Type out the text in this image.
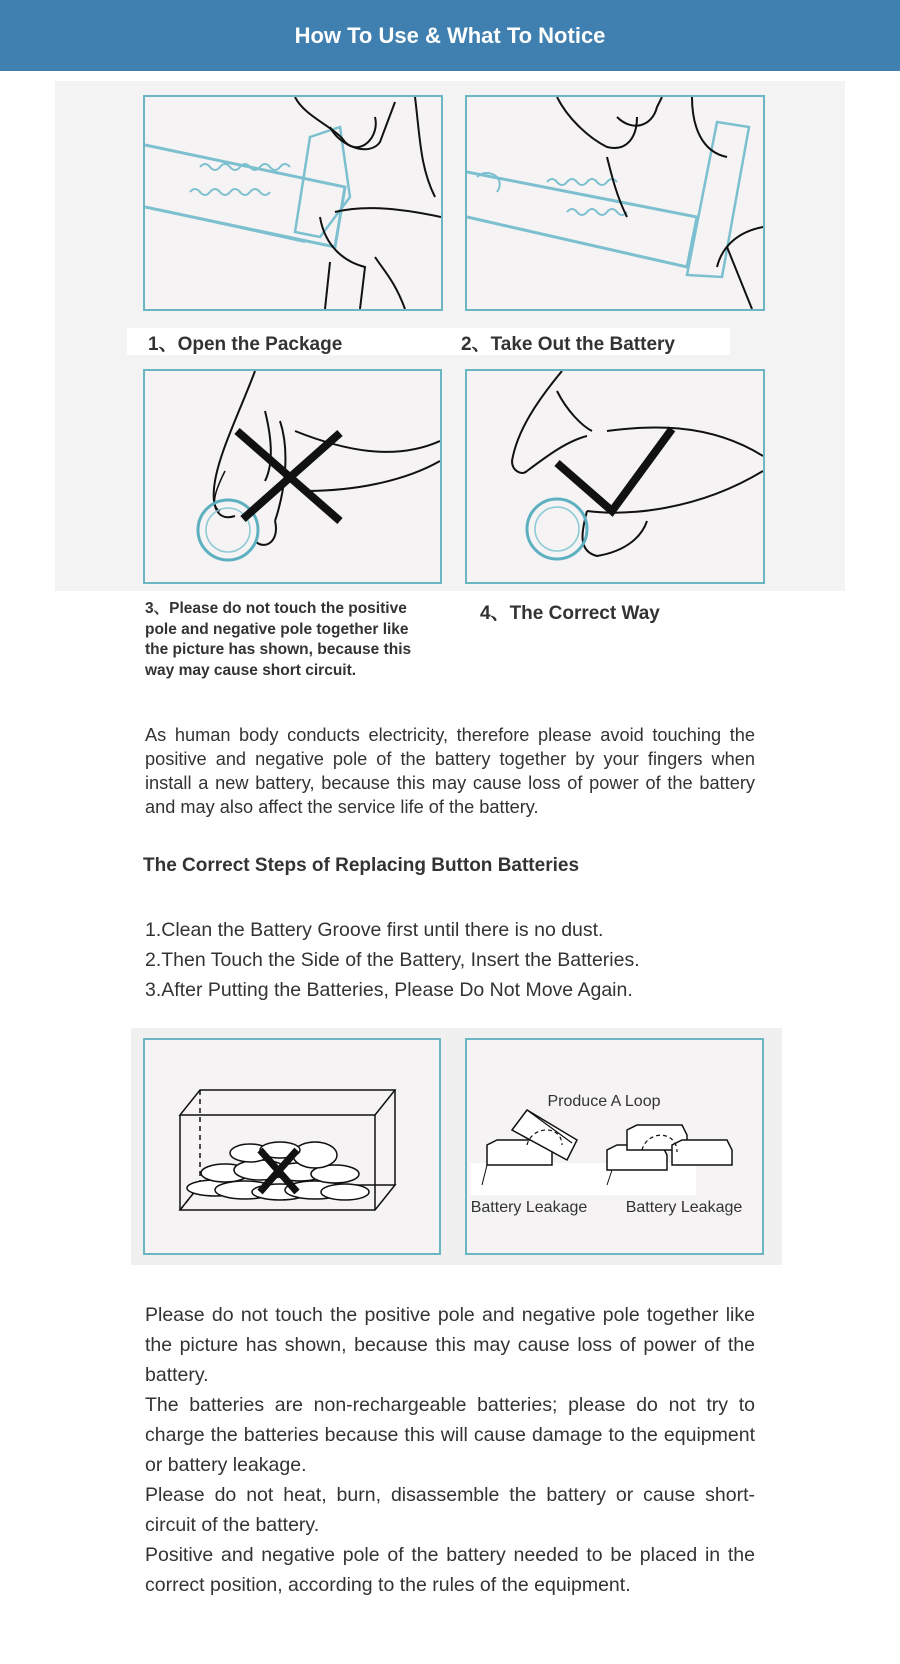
How To Use & What To Notice
1、Open the Package	2、Take Out the Battery
3、Please do not touch the positive pole and negative pole together like the picture has shown, because this way may cause short circuit.
4、The Correct Way
As human body conducts electricity, therefore please avoid touching the positive and negative pole of the battery together by your fingers when install a new battery, because this may cause loss of power of the battery and may also affect the service life of the battery.
The Correct Steps of Replacing Button Batteries
1.Clean the Battery Groove first until there is no dust.
2.Then Touch the Side of the Battery, Insert the Batteries.
3.After Putting the Batteries, Please Do Not Move Again.
Produce A Loop
Battery Leakage Battery Leakage
Please do not touch the positive pole and negative pole together like the picture has shown, because this may cause loss of power of the battery.
The batteries are non-rechargeable batteries; please do not try to charge the batteries because this will cause damage to the equipment or battery leakage.
Please do not heat, burn, disassemble the battery or cause short-circuit of the battery.
Positive and negative pole of the battery needed to be placed in the correct position, according to the rules of the equipment.
